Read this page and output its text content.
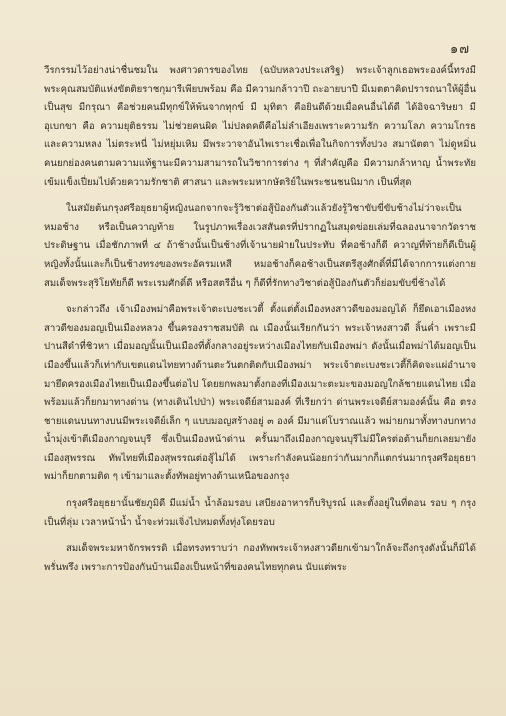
๑๗

วีรกรรมไว้อย่างน่าชื่นชมใน พงศาวดารของไทย (ฉบับหลวงประเสริฐ) พระเจ้าลูกเธอพระองค์นี้ทรงมีพระคุณสมบัติแห่งขัตติยราชกุมารีเพียบพร้อม คือ มีความกล้าวาปี ถะอายบาปี มีเมตตาคิดปรารถนาให้ผู้อื่นเป็นสุข มีกรุณา คือช่วยคนมีทุกข์ให้พ้นจากทุกข์ มี มุทิตา คือยินดีด้วยเมื่อคนอื่นได้ดี ได้อิจฉาริษยา มีอุเบกขา คือ ความยุติธรรม ไม่ช่วยคนผิด ไม่ปลดคดีคือไม่ลำเอียงเพราะความรัก ความโลภ ความโกรธ และความหลง ไม่ตระหนี่ ไม่หยุ่มเหิม มีพระวาจาอันไพเราะเชื่อเพื่อในกิจการทั้งปวง สมานัตตา ไม่ดูหมิ่นคนยกย่องคนตามความแท้ฐานะมีความสามารถในวิชาการต่าง ๆ ที่สำคัญคือ มีความกล้าหาญ น้ำพระทัยเข้มแข็งเปี่ยมไปด้วยความรักชาติ ศาสนา และพระมหากษัตริย์ในพระชนชนนิมาก เป็นที่สุด

ในสมัยต้นกรุงศรีอยุธยาผู้หญิงนอกจากจะรู้วิชาต่อสู้ป้องกันตัวแล้วยังรู้วิชาขับขี่ขับช้างไม่ว่าจะเป็นหมอช้าง หรือเป็นควาญท้าย ในรูปภาพเรื่องเวสสันดรที่ปรากฏในสมุดข่อยเล่มที่ฉลองนาจากวัดราชประดิษฐาน เมื่อชักภาพที่ ๔ ถ้าช้างนั้นเป็นช้างที่เจ้านายฝ่ายในประทับ ที่คอช้างก็ดี ควาญที่ท้ายก็ดีเป็นผู้หญิงทั้งนั้นและก็เป็นช้างทรงของพระอัครมเหสี หมอช้างก็คอช้างเป็นสตรีสูงศักดิ์ที่มีได้จากการแต่งกาย สมเด็จพระสุริโยทัยก็ดี พระเรมศักดิ์ดี หรือสตรีอื่น ๆ ก็ดีที่รักทางวิชาต่อสู้ป้องกันตัวก็ย่อมขับขี่ช้างได้

จะกล่าวถึง เจ้าเมืองพม่าคือพระเจ้าตะเบงชะเวตี้ ตั้งแต่ตั้งเมืองหงสาวดีของมอญได้ ก็ยึดเอาเมืองหงสาวดีของมอญเป็นเมืองหลวง ขึ้นครองราชสมบัติ ณ เมืองนั้นเรียกกันว่า พระเจ้าหงสาวดี ลิ้นค่ำ เพราะมีปานสีดำที่ชิวหา เมื่อมอญนั้นเป็นเมืองที่ตั้งกลางอยู่ระหว่างเมืองไทยกับเมืองพม่า ดังนั้นเมื่อพม่าได้มอญเป็นเมืองขึ้นแล้วก็เท่ากับเขตแดนไทยทางด้านตะวันตกติดกับเมืองพม่า พระเจ้าตะเบงชะเวตี้ก็คิดจะแผ่อำนาจมายึดครองเมืองไทยเป็นเมืองขึ้นต่อไป โดยยกพลมาตั้งกองที่เมืองเมาะตะมะของมอญใกล้ชายแดนไทย เมื่อพร้อมแล้วก็ยกมาทางด่าน (ทางเดินไปป่า) พระเจดีย์สามองค์ ที่เรียกว่า ด่านพระเจดีย์สามองค์นั้น คือ ตรงชายแดนบนทางบนมีพระเจดีย์เล็ก ๆ แบบมอญสร้างอยู่ ๓ องค์ มีมาแต่โบราณแล้ว พม่ายกมาทั้งทางบกทางน้ำมุ่งเข้าตีเมืองกาญจนบุรี ซึ่งเป็นเมืองหน้าด่าน ครั้นมาถึงเมืองกาญจนบุรีไม่มีใครต่อต้านก็ยกเลยมายังเมืองสุพรรณ ทัพไทยที่เมืองสุพรรณต่อสู้ไม่ได้ เพราะกำลังคนน้อยกว่ากันมากก็แตกร่นมากรุงศรีอยุธยา พม่าก็ยกตามติด ๆ เข้ามาและตั้งทัพอยู่ทางด้านเหนือของกรุง

กรุงศรีอยุธยานั้นชัยภูมิดี มีแม่น้ำ น้ำล้อมรอบ เสบียงอาหารก็บริบูรณ์ และตั้งอยู่ในที่ดอน รอบ ๆ กรุงเป็นที่ลุ่ม เวลาหน้าน้ำ น้ำจะท่วมเจิ่งไปหมดทั้งทุ่งโดยรอบ

สมเด็จพระมหาจักรพรรดิ เมื่อทรงทราบว่า กองทัพพระเจ้าหงสาวดียกเข้ามาใกล้จะถึงกรุงดังนั้นก็มิได้พรั่นพรึง เพราะการป้องกันบ้านเมืองเป็นหน้าที่ของคนไทยทุกคน นับแต่พระ
